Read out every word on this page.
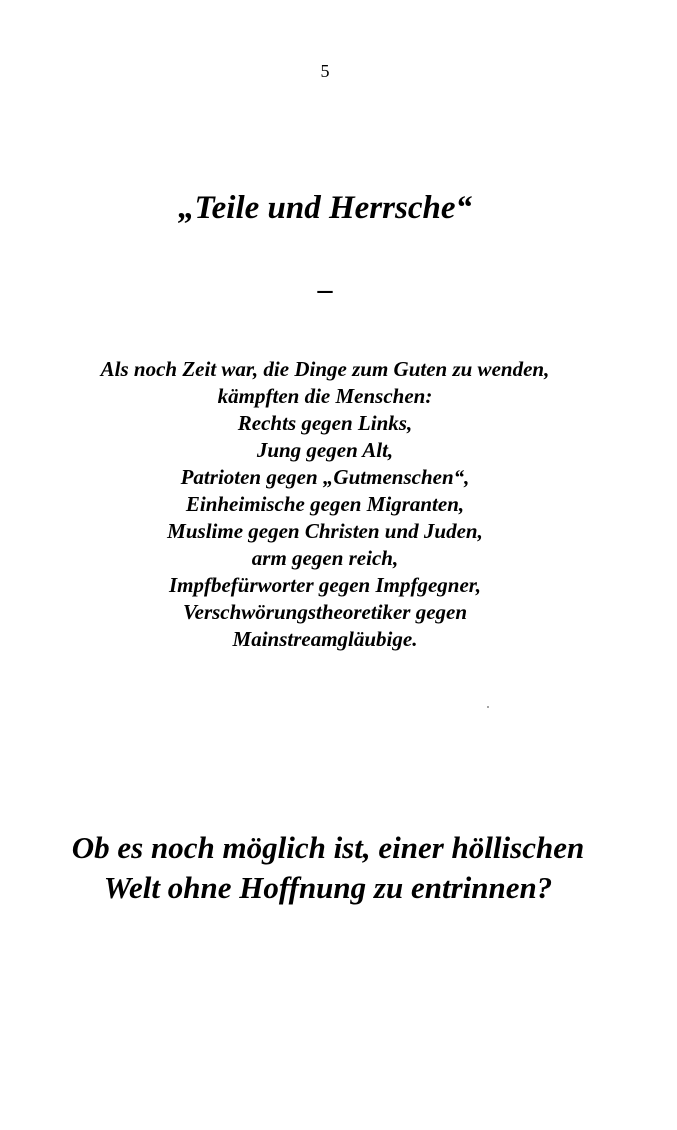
5
„Teile und Herrsche“
–
Als noch Zeit war, die Dinge zum Guten zu wenden,
kämpften die Menschen:
Rechts gegen Links,
Jung gegen Alt,
Patrioten gegen „Gutmenschen“,
Einheimische gegen Migranten,
Muslime gegen Christen und Juden,
arm gegen reich,
Impfbefürworter gegen Impfgegner,
Verschwörungstheoretiker gegen
Mainstreamgläubige.
Ob es noch möglich ist, einer höllischen
Welt ohne Hoffnung zu entrinnen?
